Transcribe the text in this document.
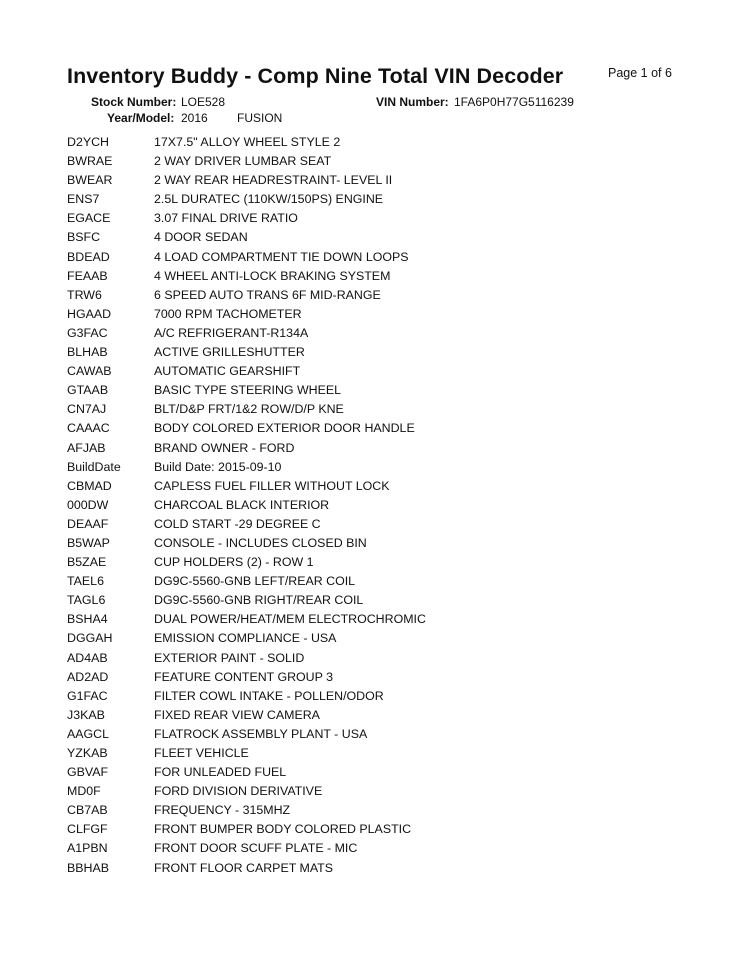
Inventory Buddy - Comp Nine Total VIN Decoder	Page 1 of 6
Stock Number: LOE528	VIN Number: 1FA6P0H77G5116239
Year/Model: 2016 FUSION
D2YCH	17X7.5" ALLOY WHEEL STYLE 2
BWRAE	2 WAY DRIVER LUMBAR SEAT
BWEAR	2 WAY REAR HEADRESTRAINT- LEVEL II
ENS7	2.5L DURATEC (110KW/150PS) ENGINE
EGACE	3.07 FINAL DRIVE RATIO
BSFC	4 DOOR SEDAN
BDEAD	4 LOAD COMPARTMENT TIE DOWN LOOPS
FEAAB	4 WHEEL ANTI-LOCK BRAKING SYSTEM
TRW6	6 SPEED AUTO TRANS 6F MID-RANGE
HGAAD	7000 RPM TACHOMETER
G3FAC	A/C REFRIGERANT-R134A
BLHAB	ACTIVE GRILLESHUTTER
CAWAB	AUTOMATIC GEARSHIFT
GTAAB	BASIC TYPE STEERING WHEEL
CN7AJ	BLT/D&P FRT/1&2 ROW/D/P KNE
CAAAC	BODY COLORED EXTERIOR DOOR HANDLE
AFJAB	BRAND OWNER - FORD
BuildDate	Build Date: 2015-09-10
CBMAD	CAPLESS FUEL FILLER WITHOUT LOCK
000DW	CHARCOAL BLACK INTERIOR
DEAAF	COLD START -29 DEGREE C
B5WAP	CONSOLE - INCLUDES CLOSED BIN
B5ZAE	CUP HOLDERS (2) - ROW 1
TAEL6	DG9C-5560-GNB LEFT/REAR COIL
TAGL6	DG9C-5560-GNB RIGHT/REAR COIL
BSHA4	DUAL POWER/HEAT/MEM ELECTROCHROMIC
DGGAH	EMISSION COMPLIANCE - USA
AD4AB	EXTERIOR PAINT - SOLID
AD2AD	FEATURE CONTENT GROUP 3
G1FAC	FILTER COWL INTAKE - POLLEN/ODOR
J3KAB	FIXED REAR VIEW CAMERA
AAGCL	FLATROCK ASSEMBLY PLANT - USA
YZKAB	FLEET VEHICLE
GBVAF	FOR UNLEADED FUEL
MD0F	FORD DIVISION DERIVATIVE
CB7AB	FREQUENCY - 315MHZ
CLFGF	FRONT BUMPER BODY COLORED PLASTIC
A1PBN	FRONT DOOR SCUFF PLATE - MIC
BBHAB	FRONT FLOOR CARPET MATS
